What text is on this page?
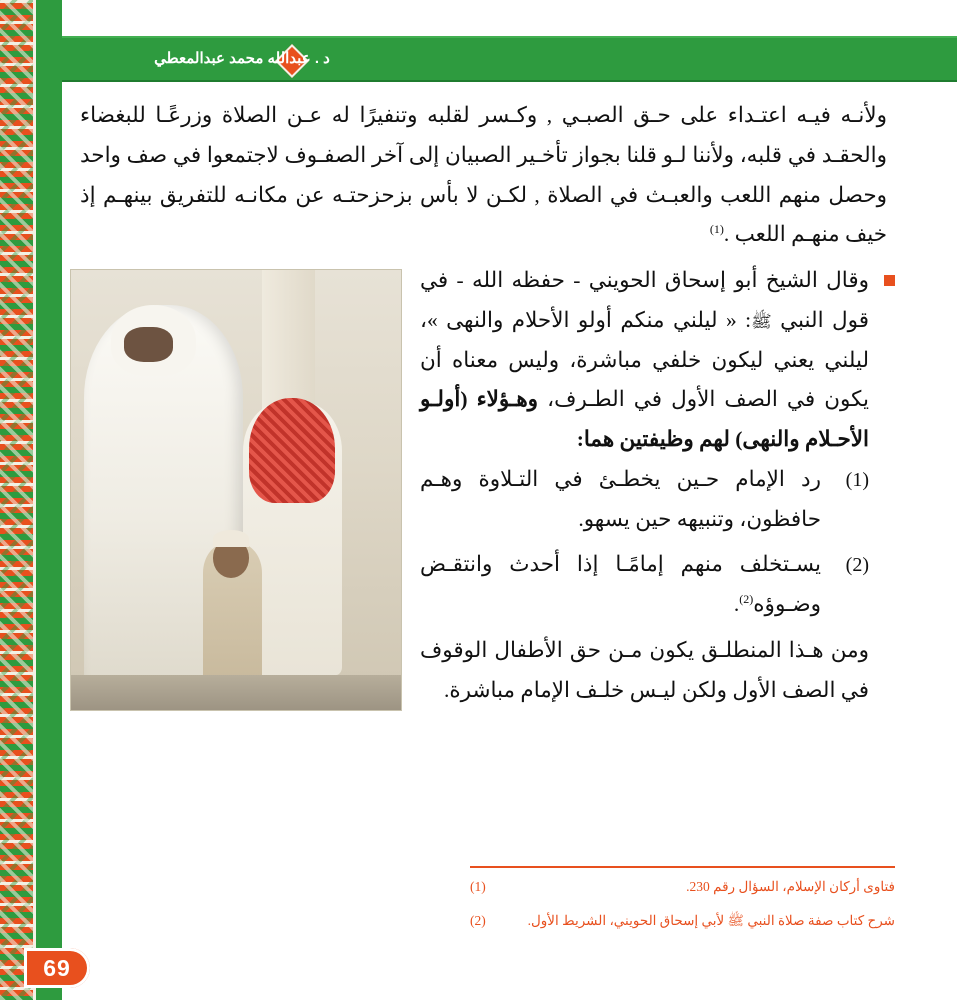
د . عبدالله محمد عبدالمعطي
69

ولأنـه فيـه اعتـداء على حـق الصبـي , وكـسر لقلبه وتنفيرًا له عـن الصلاة وزرعًـا للبغضاء والحقـد في قلبه، ولأننا لـو قلنا بجواز تأخـير الصبيان إلى آخر الصفـوف لاجتمعوا في صف واحد وحصل منهم اللعب والعبـث في الصلاة , لكـن لا بأس بزحزحتـه عن مكانـه للتفريق بينهـم إذ خيف منهـم اللعب .$^{(1)}$

وقال الشيخ أبو إسحاق الحويني - حفظه الله - في قول النبي ﷺ: « ليلني منكم أولو الأحلام والنهى »، ليلني يعني ليكون خلفي مباشرة، وليس معناه أن يكون في الصف الأول في الطـرف، وهـؤلاء (أولـو الأحـلام والنهى) لهم وظيفتين هما:

(1)
رد الإمام حـين يخطـئ في التـلاوة وهـم حافظون، وتنبيهه حين يسهو.

(2)
يسـتخلف منهم إمامًـا إذا أحدث وانتقـض وضـوؤه$^{(2)}$.

ومن هـذا المنطلـق يكون مـن حق الأطفال الوقوف في الصف الأول ولكن ليـس خلـف الإمام مباشرة.

(1)	فتاوى أركان الإسلام، السؤال رقم 230.
(2)	شرح كتاب صفة صلاة النبي ﷺ لأبي إسحاق الحويني، الشريط الأول.
